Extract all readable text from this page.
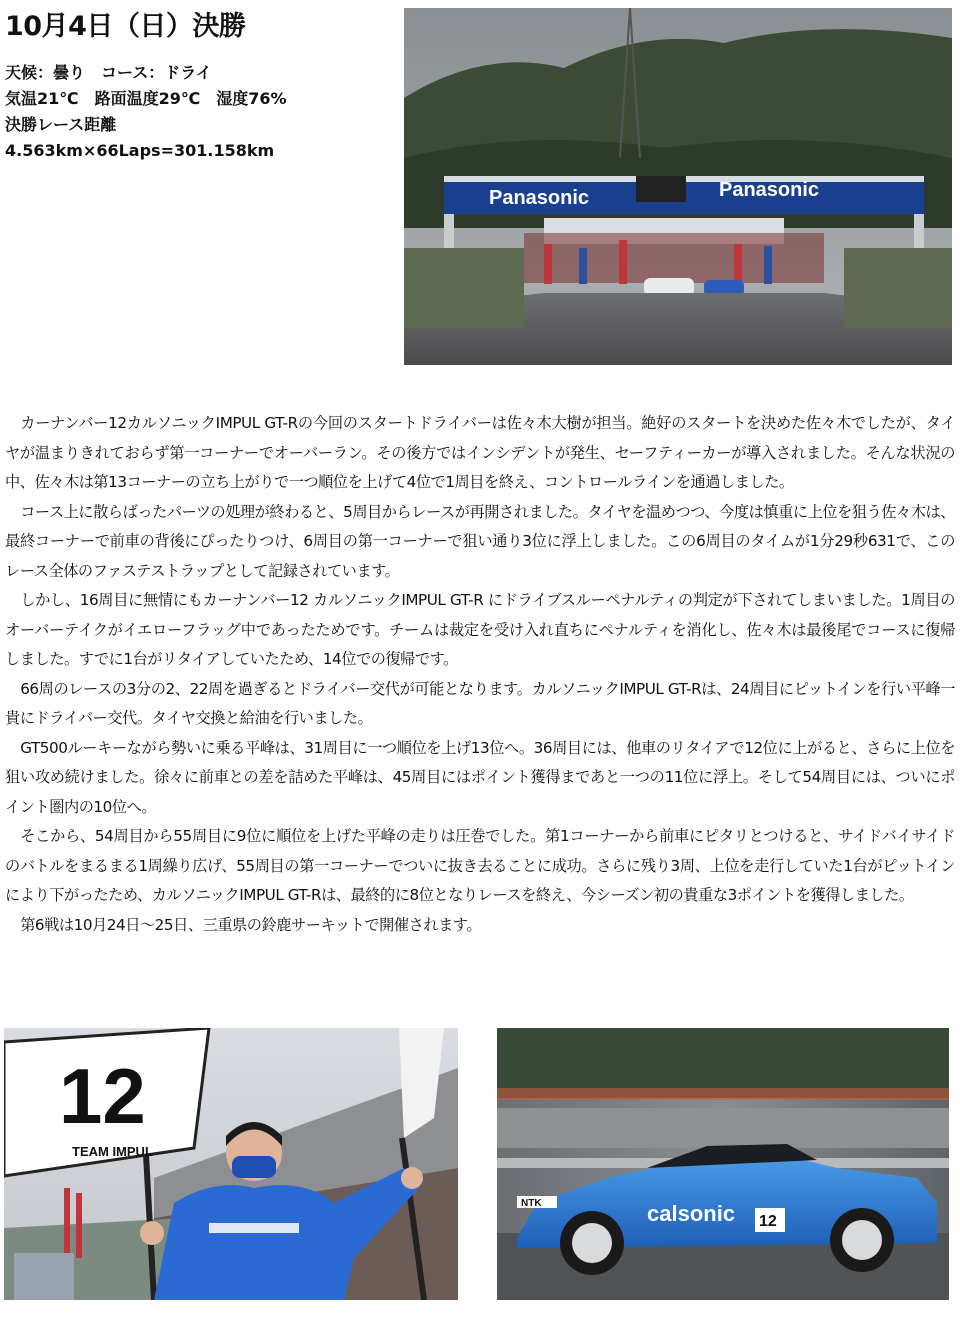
10月4日（日）決勝
天候：曇り　コース：ドライ
気温21℃　路面温度29℃　湿度76%
決勝レース距離
4.563km×66Laps=301.158km
Panasonic	Panasonic

カーナンバー12カルソニックIMPUL GT-Rの今回のスタートドライバーは佐々木大樹が担当。絶好のスタートを決めた佐々木でしたが、タイヤが温まりきれておらず第一コーナーでオーバーラン。その後方ではインシデントが発生、セーフティーカーが導入されました。そんな状況の中、佐々木は第13コーナーの立ち上がりで一つ順位を上げて4位で1周目を終え、コントロールラインを通過しました。

コース上に散らばったパーツの処理が終わると、5周目からレースが再開されました。タイヤを温めつつ、今度は慎重に上位を狙う佐々木は、最終コーナーで前車の背後にぴったりつけ、6周目の第一コーナーで狙い通り3位に浮上しました。この6周目のタイムが1分29秒631で、このレース全体のファステストラップとして記録されています。

しかし、16周目に無情にもカーナンバー12 カルソニックIMPUL GT-R にドライブスルーペナルティの判定が下されてしまいました。1周目のオーバーテイクがイエローフラッグ中であったためです。チームは裁定を受け入れ直ちにペナルティを消化し、佐々木は最後尾でコースに復帰しました。すでに1台がリタイアしていたため、14位での復帰です。

66周のレースの3分の2、22周を過ぎるとドライバー交代が可能となります。カルソニックIMPUL GT-Rは、24周目にピットインを行い平峰一貴にドライバー交代。タイヤ交換と給油を行いました。

GT500ルーキーながら勢いに乗る平峰は、31周目に一つ順位を上げ13位へ。36周目には、他車のリタイアで12位に上がると、さらに上位を狙い攻め続けました。徐々に前車との差を詰めた平峰は、45周目にはポイント獲得まであと一つの11位に浮上。そして54周目には、ついにポイント圏内の10位へ。

そこから、54周目から55周目に9位に順位を上げた平峰の走りは圧巻でした。第1コーナーから前車にピタリとつけると、サイドバイサイドのバトルをまるまる1周繰り広げ、55周目の第一コーナーでついに抜き去ることに成功。さらに残り3周、上位を走行していた1台がピットインにより下がったため、カルソニックIMPUL GT-Rは、最終的に8位となりレースを終え、今シーズン初の貴重な3ポイントを獲得しました。

第6戦は10月24日～25日、三重県の鈴鹿サーキットで開催されます。

12
TEAM IMPUL
NTK	calsonic 12
